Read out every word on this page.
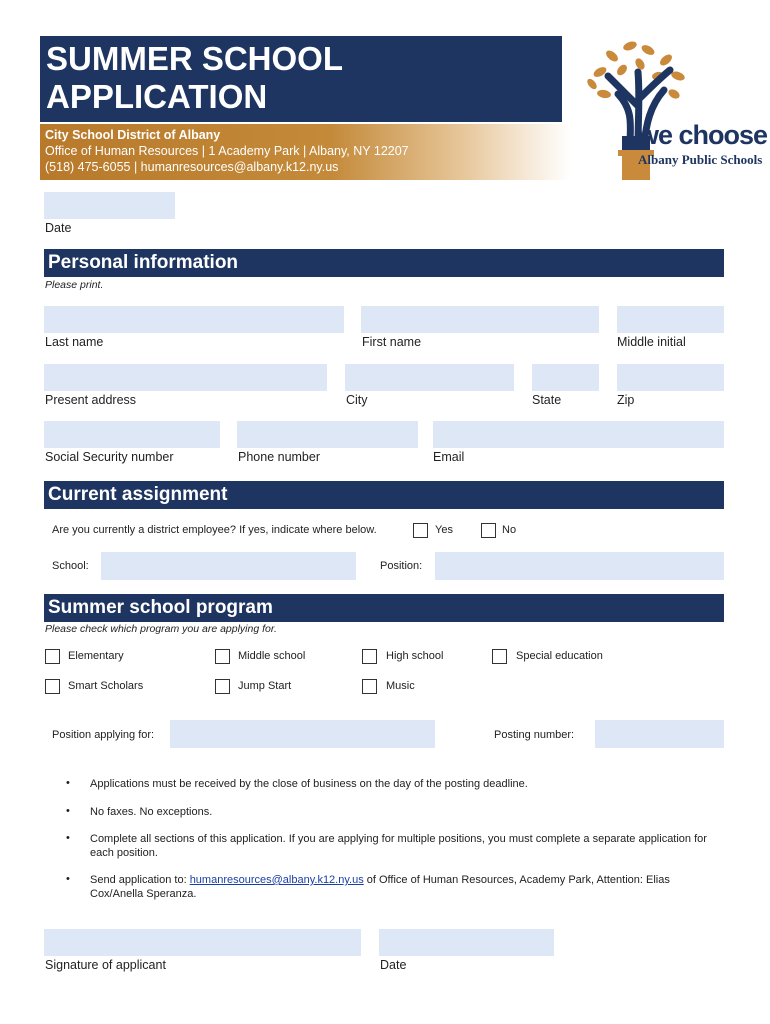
SUMMER SCHOOL
APPLICATION
City School District of Albany
Office of Human Resources | 1 Academy Park | Albany, NY 12207
(518) 475-6055 | humanresources@albany.k12.ny.us
we choose
Albany Public Schools
Date
Personal information
Please print.
Last name	First name	Middle initial
Present address	City	State	Zip
Social Security number	Phone number	Email
Current assignment
Are you currently a district employee? If yes, indicate where below.	Yes	No
School:	Position:
Summer school program
Please check which program you are applying for.
Elementary	Middle school	High school	Special education
Smart Scholars	Jump Start	Music
Position applying for:	Posting number:
• Applications must be received by the close of business on the day of the posting deadline.
• No faxes. No exceptions.
• Complete all sections of this application. If you are applying for multiple positions, you must complete a separate application for each position.
• Send application to: humanresources@albany.k12.ny.us of Office of Human Resources, Academy Park, Attention: Elias Cox/Anella Speranza.
Signature of applicant	Date
